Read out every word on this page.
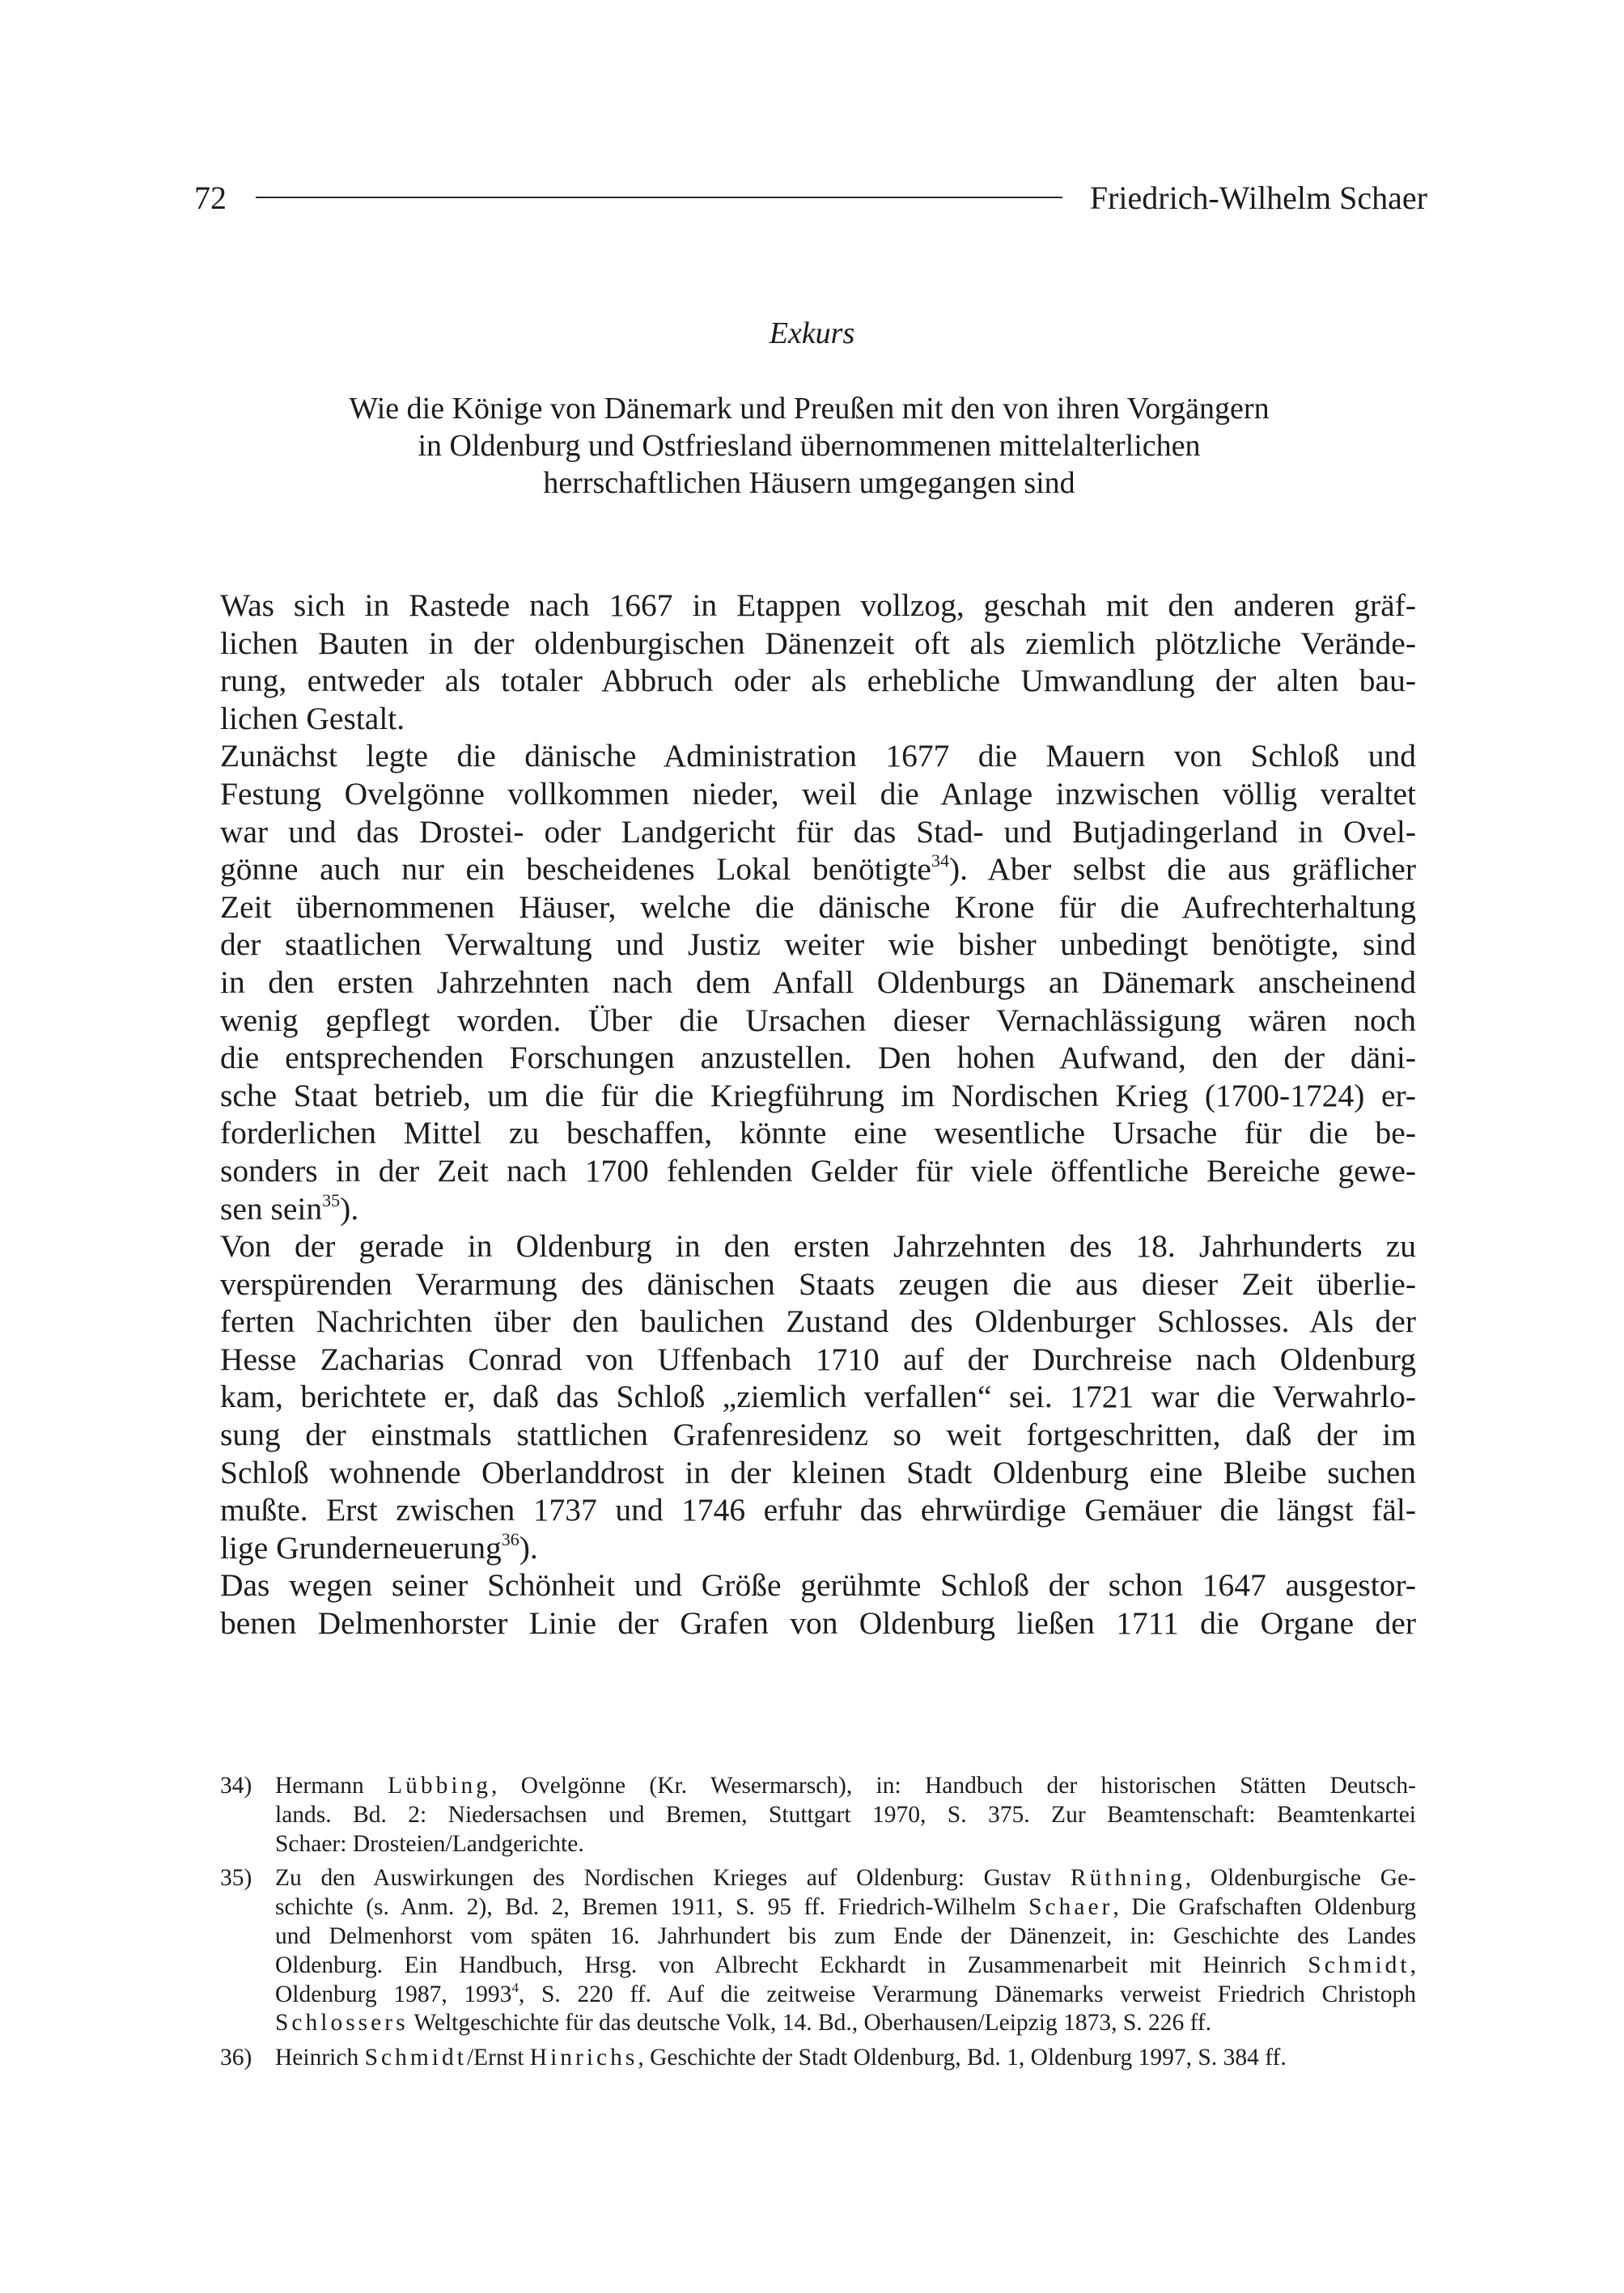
72	Friedrich-Wilhelm Schaer
Exkurs
Wie die Könige von Dänemark und Preußen mit den von ihren Vorgängern
in Oldenburg und Ostfriesland übernommenen mittelalterlichen
herrschaftlichen Häusern umgegangen sind
Was sich in Rastede nach 1667 in Etappen vollzog, geschah mit den anderen gräf-
lichen Bauten in der oldenburgischen Dänenzeit oft als ziemlich plötzliche Verände-
rung, entweder als totaler Abbruch oder als erhebliche Umwandlung der alten bau-
lichen Gestalt.
Zunächst legte die dänische Administration 1677 die Mauern von Schloß und
Festung Ovelgönne vollkommen nieder, weil die Anlage inzwischen völlig veraltet
war und das Drostei- oder Landgericht für das Stad- und Butjadingerland in Ovel-
gönne auch nur ein bescheidenes Lokal benötigte$^{34}$). Aber selbst die aus gräflicher
Zeit übernommenen Häuser, welche die dänische Krone für die Aufrechterhaltung
der staatlichen Verwaltung und Justiz weiter wie bisher unbedingt benötigte, sind
in den ersten Jahrzehnten nach dem Anfall Oldenburgs an Dänemark anscheinend
wenig gepflegt worden. Über die Ursachen dieser Vernachlässigung wären noch
die entsprechenden Forschungen anzustellen. Den hohen Aufwand, den der däni-
sche Staat betrieb, um die für die Kriegführung im Nordischen Krieg (1700-1724) er-
forderlichen Mittel zu beschaffen, könnte eine wesentliche Ursache für die be-
sonders in der Zeit nach 1700 fehlenden Gelder für viele öffentliche Bereiche gewe-
sen sein$^{35}$).
Von der gerade in Oldenburg in den ersten Jahrzehnten des 18. Jahrhunderts zu
verspürenden Verarmung des dänischen Staats zeugen die aus dieser Zeit überlie-
ferten Nachrichten über den baulichen Zustand des Oldenburger Schlosses. Als der
Hesse Zacharias Conrad von Uffenbach 1710 auf der Durchreise nach Oldenburg
kam, berichtete er, daß das Schloß „ziemlich verfallen“ sei. 1721 war die Verwahrlo-
sung der einstmals stattlichen Grafenresidenz so weit fortgeschritten, daß der im
Schloß wohnende Oberlanddrost in der kleinen Stadt Oldenburg eine Bleibe suchen
mußte. Erst zwischen 1737 und 1746 erfuhr das ehrwürdige Gemäuer die längst fäl-
lige Grunderneuerung$^{36}$).
Das wegen seiner Schönheit und Größe gerühmte Schloß der schon 1647 ausgestor-
benen Delmenhorster Linie der Grafen von Oldenburg ließen 1711 die Organe der
34) Hermann Lübbing, Ovelgönne (Kr. Wesermarsch), in: Handbuch der historischen Stätten Deutsch-
lands. Bd. 2: Niedersachsen und Bremen, Stuttgart 1970, S. 375. Zur Beamtenschaft: Beamtenkartei
Schaer: Drosteien/Landgerichte.
35) Zu den Auswirkungen des Nordischen Krieges auf Oldenburg: Gustav Rüthning, Oldenburgische Ge-
schichte (s. Anm. 2), Bd. 2, Bremen 1911, S. 95 ff. Friedrich-Wilhelm Schaer, Die Grafschaften Oldenburg
und Delmenhorst vom späten 16. Jahrhundert bis zum Ende der Dänenzeit, in: Geschichte des Landes
Oldenburg. Ein Handbuch, Hrsg. von Albrecht Eckhardt in Zusammenarbeit mit Heinrich Schmidt,
Oldenburg 1987, 1993$^4$, S. 220 ff. Auf die zeitweise Verarmung Dänemarks verweist Friedrich Christoph
Schlossers Weltgeschichte für das deutsche Volk, 14. Bd., Oberhausen/Leipzig 1873, S. 226 ff.
36) Heinrich Schmidt/Ernst Hinrichs, Geschichte der Stadt Oldenburg, Bd. 1, Oldenburg 1997, S. 384 ff.
